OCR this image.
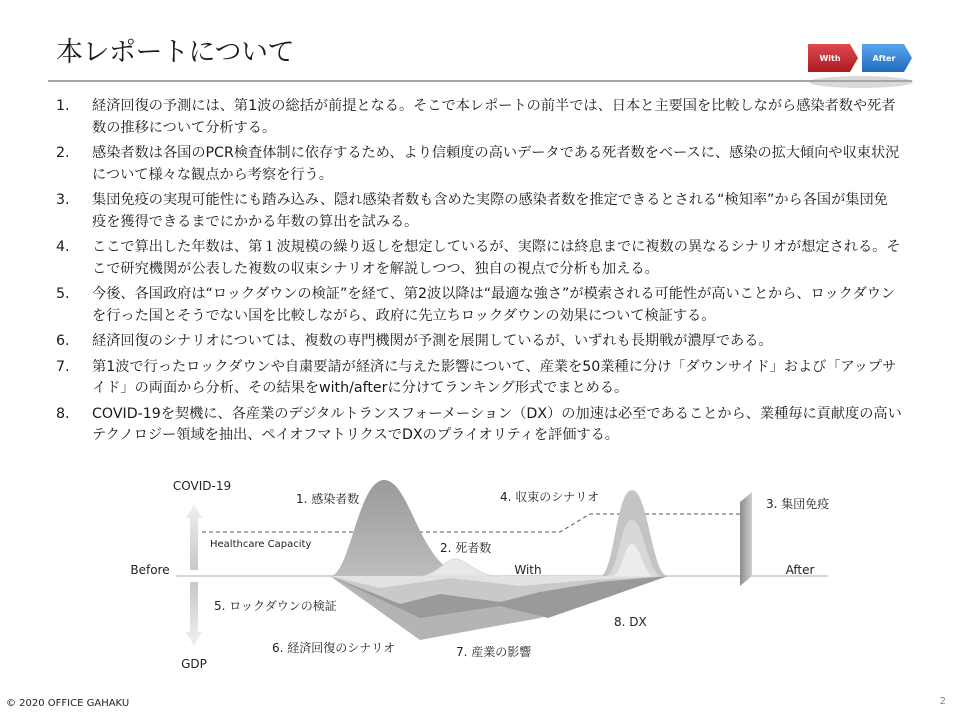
本レポートについて	With	After
1. 経済回復の予測には、第1波の総括が前提となる。そこで本レポートの前半では、日本と主要国を比較しながら感染者数や死者数の推移について分析する。
2. 感染者数は各国のPCR検査体制に依存するため、より信頼度の高いデータである死者数をベースに、感染の拡大傾向や収束状況について様々な観点から考察を行う。
3. 集団免疫の実現可能性にも踏み込み、隠れ感染者数も含めた実際の感染者数を推定できるとされる“検知率”から各国が集団免疫を獲得できるまでにかかる年数の算出を試みる。
4. ここで算出した年数は、第１波規模の繰り返しを想定しているが、実際には終息までに複数の異なるシナリオが想定される。そこで研究機関が公表した複数の収束シナリオを解説しつつ、独自の視点で分析も加える。
5. 今後、各国政府は“ロックダウンの検証”を経て、第2波以降は“最適な強さ”が模索される可能性が高いことから、ロックダウンを行った国とそうでない国を比較しながら、政府に先立ちロックダウンの効果について検証する。
6. 経済回復のシナリオについては、複数の専門機関が予測を展開しているが、いずれも長期戦が濃厚である。
7. 第1波で行ったロックダウンや自粛要請が経済に与えた影響について、産業を50業種に分け「ダウンサイド」および「アップサイド」の両面から分析、その結果をwith/afterに分けてランキング形式でまとめる。
8. COVID-19を契機に、各産業のデジタルトランスフォーメーション（DX）の加速は必至であることから、業種毎に貢献度の高いテクノロジー領域を抽出、ペイオフマトリクスでDXのプライオリティを評価する。
COVID-19
GDP
Before	With	After
Healthcare Capacity
1. 感染者数
2. 死者数
3. 集団免疫
4. 収束のシナリオ
5. ロックダウンの検証
6. 経済回復のシナリオ	7. 産業の影響
8. DX
© 2020 OFFICE GAHAKU	2
